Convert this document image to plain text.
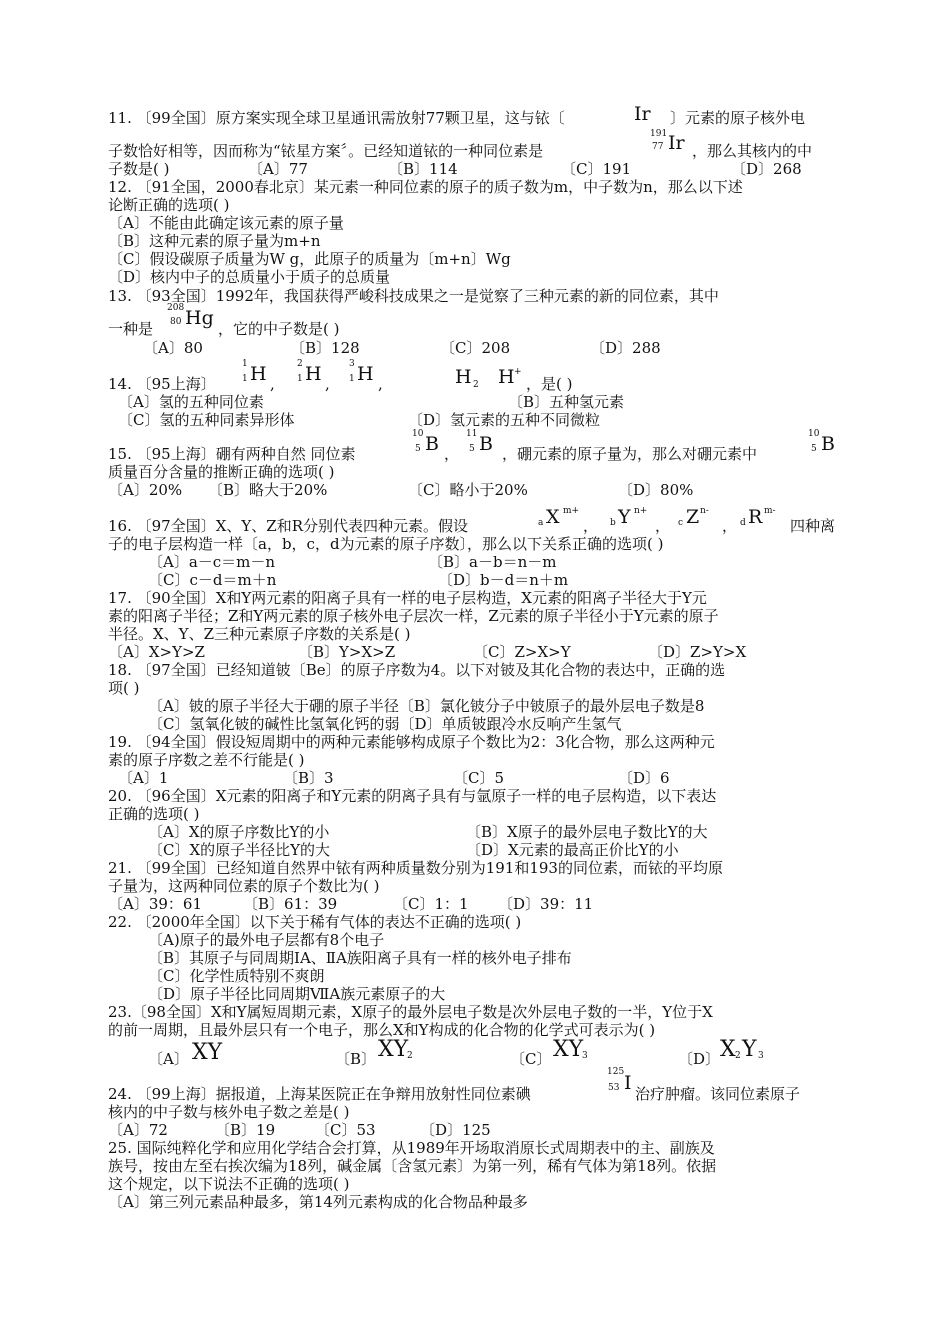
11. 〔99全国〕原方案实现全球卫星通讯需放射77颗卫星，这与铱〔	Ir 〕元素的原子核外电
子数恰好相等，因而称为“铱星方案〞。已经知道铱的一种同位素是
191
77 Ir ，那么其核内的中
子数是( )	〔A〕77	〔B〕114	〔C〕191	〔D〕268
12. 〔91全国，2000春北京〕某元素一种同位素的原子的质子数为m，中子数为n，那么以下述
论断正确的选项( )
〔A〕不能由此确定该元素的原子量
〔B〕这种元素的原子量为m+n
〔C〕假设碳原子质量为W g，此原子的质量为〔m+n〕Wg
〔D〕核内中子的总质量小于质子的总质量
13. 〔93全国〕1992年，我国获得严峻科技成果之一是觉察了三种元素的新的同位素，其中
一种是
208
80 Hg ，它的中子数是( )
〔A〕80	〔B〕128	〔C〕208	〔D〕288
14. 〔95上海〕
1
1 H ,
2
1 H ,
3
1 H ,	H 2 H +
，是( )
〔A〕氢的五种同位素	〔B〕五种氢元素
〔C〕氢的五种同素异形体	〔D〕氢元素的五种不同微粒
15. 〔95上海〕硼有两种自然 同位素
10
5 B ，
11
5 B ，硼元素的原子量为，那么对硼元素中
10
5 B
质量百分含量的推断正确的选项( )
〔A〕20% 〔B〕略大于20%	〔C〕略小于20%	〔D〕80%
16. 〔97全国〕X、Y、Z和R分别代表四种元素。假设	a X m+
， b Y n+
， c Z n-
， d R m-
四种离
子的电子层构造一样〔a，b，c，d为元素的原子序数〕，那么以下关系正确的选项( )
〔A〕a－c＝m－n	〔B〕a－b＝n－m
〔C〕c－d＝m＋n	〔D〕b－d＝n＋m
17. 〔90全国〕X和Y两元素的阳离子具有一样的电子层构造，X元素的阳离子半径大于Y元
素的阳离子半径；Z和Y两元素的原子核外电子层次一样，Z元素的原子半径小于Y元素的原子
半径。X、Y、Z三种元素原子序数的关系是( )
〔A〕X>Y>Z	〔B〕Y>X>Z	〔C〕Z>X>Y	〔D〕Z>Y>X
18. 〔97全国〕已经知道铍〔Be〕的原子序数为4。以下对铍及其化合物的表达中，正确的选
项( )
〔A〕铍的原子半径大于硼的原子半径〔B〕氯化铍分子中铍原子的最外层电子数是8
〔C〕氢氧化铍的碱性比氢氧化钙的弱〔D〕单质铍跟冷水反响产生氢气
19. 〔94全国〕假设短周期中的两种元素能够构成原子个数比为2：3化合物，那么这两种元
素的原子序数之差不行能是( )
〔A〕1	〔B〕3	〔C〕5	〔D〕6
20. 〔96全国〕X元素的阳离子和Y元素的阴离子具有与氩原子一样的电子层构造，以下表达
正确的选项( )
〔A〕X的原子序数比Y的小	〔B〕X原子的最外层电子数比Y的大
〔C〕X的原子半径比Y的大	〔D〕X元素的最高正价比Y的小
21. 〔99全国〕已经知道自然界中铱有两种质量数分别为191和193的同位素，而铱的平均原
子量为，这两种同位素的原子个数比为( )
〔A〕39：61	〔B〕61：39	〔C〕1：1 〔D〕39：11
22. 〔2000年全国〕以下关于稀有气体的表达不正确的选项( )
〔A)原子的最外电子层都有8个电子
〔B〕其原子与同周期ⅠA、ⅡA族阳离子具有一样的核外电子排布
〔C〕化学性质特别不爽朗
〔D〕原子半径比同周期ⅦA族元素原子的大
23.〔98全国〕X和Y属短周期元素，X原子的最外层电子数是次外层电子数的一半，Y位于X
的前一周期，且最外层只有一个电子，那么X和Y构成的化合物的化学式可表示为( )
〔A〕 XY	〔B〕 XY
2	〔C〕 XY
3	〔D〕 X 2 Y 3
24. 〔99上海〕据报道，上海某医院正在争辩用放射性同位素碘
125
53 I 治疗肿瘤。该同位素原子
核内的中子数与核外电子数之差是( )
〔A〕72	〔B〕19	〔C〕53	〔D〕125
25. 国际纯粹化学和应用化学结合会打算，从1989年开场取消原长式周期表中的主、副族及
族号，按由左至右挨次编为18列，碱金属〔含氢元素〕为第一列，稀有气体为第18列。依据
这个规定，以下说法不正确的选项( )
〔A〕第三列元素品种最多，第14列元素构成的化合物品种最多
